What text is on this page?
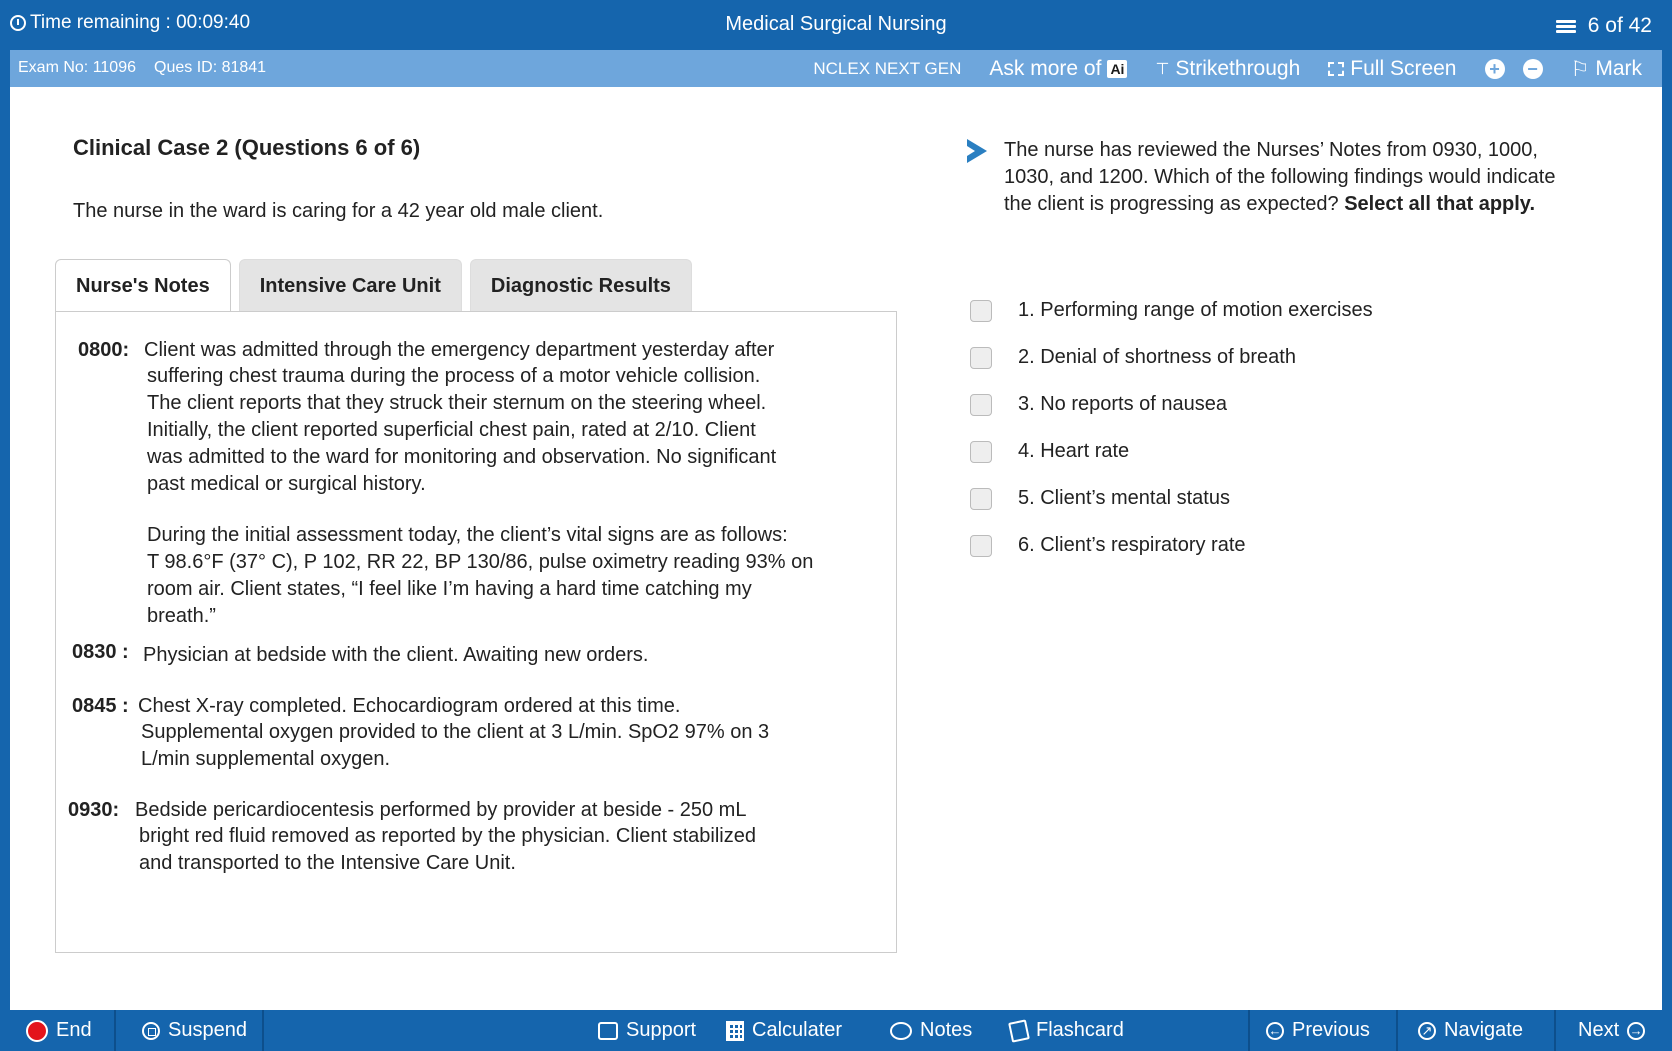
Time remaining : 00:09:40	Medical Surgical Nursing	6 of 42
Exam No: 11096 Ques ID: 81841	NCLEX NEXT GEN Ask more of Ai ⊤ Strikethrough Full Screen + − ⚐ Mark
Clinical Case 2 (Questions 6 of 6)
The nurse in the ward is caring for a 42 year old male client.
Nurse's Notes	Intensive Care Unit	Diagnostic Results
0800: Client was admitted through the emergency department yesterday after
suffering chest trauma during the process of a motor vehicle collision.
The client reports that they struck their sternum on the steering wheel.
Initially, the client reported superficial chest pain, rated at 2/10. Client
was admitted to the ward for monitoring and observation. No significant
past medical or surgical history.
During the initial assessment today, the client’s vital signs are as follows:
T 98.6°F (37° C), P 102, RR 22, BP 130/86, pulse oximetry reading 93% on
room air. Client states, “I feel like I’m having a hard time catching my
breath.”
0830 : Physician at bedside with the client. Awaiting new orders.
0845 : Chest X-ray completed. Echocardiogram ordered at this time.
Supplemental oxygen provided to the client at 3 L/min. SpO2 97% on 3
L/min supplemental oxygen.
0930: Bedside pericardiocentesis performed by provider at beside - 250 mL
bright red fluid removed as reported by the physician. Client stabilized
and transported to the Intensive Care Unit.
The nurse has reviewed the Nurses’ Notes from 0930, 1000, 1030, and 1200. Which of the following findings would indicate the client is progressing as expected? Select all that apply.
1. Performing range of motion exercises
2. Denial of shortness of breath
3. No reports of nausea
4. Heart rate
5. Client’s mental status
6. Client’s respiratory rate
End	Suspend	Support	Calculater	Notes	Flashcard	← Previous	↗ Navigate	Next →
